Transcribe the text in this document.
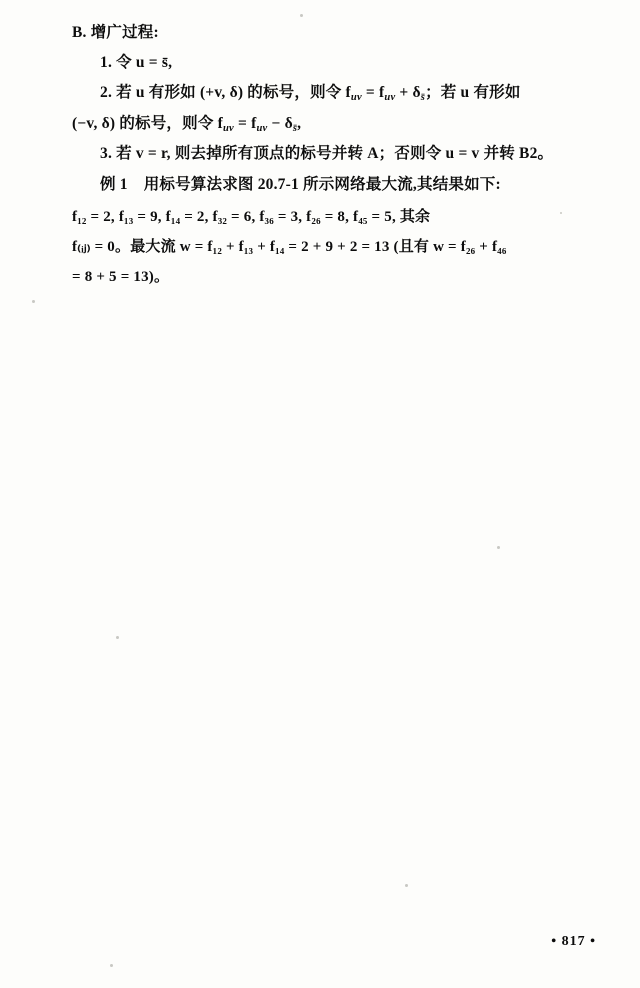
B. 增广过程:

1. 令 u = s̄,

2. 若 u 有形如 (+v, δ) 的标号，则令 $f_{uv} = f_{uv} + \delta_{s̄}$；若 u 有形如

(−v, δ) 的标号，则令 $f_{uv} = f_{uv} - \delta_{s̄}$,

3. 若 v = r, 则去掉所有顶点的标号并转 A；否则令 u = v 并转 B2。

例 1 用标号算法求图 20.7-1 所示网络最大流,其结果如下:

f₁₂ = 2, f₁₃ = 9, f₁₄ = 2, f₃₂ = 6, f₃₆ = 3, f₂₆ = 8, f₄₅ = 5, 其余

f₍ᵢⱼ₎ = 0。最大流 w = f₁₂ + f₁₃ + f₁₄ = 2 + 9 + 2 = 13 (且有 w = f₂₆ + f₄₆

= 8 + 5 = 13)。

• 817 •
